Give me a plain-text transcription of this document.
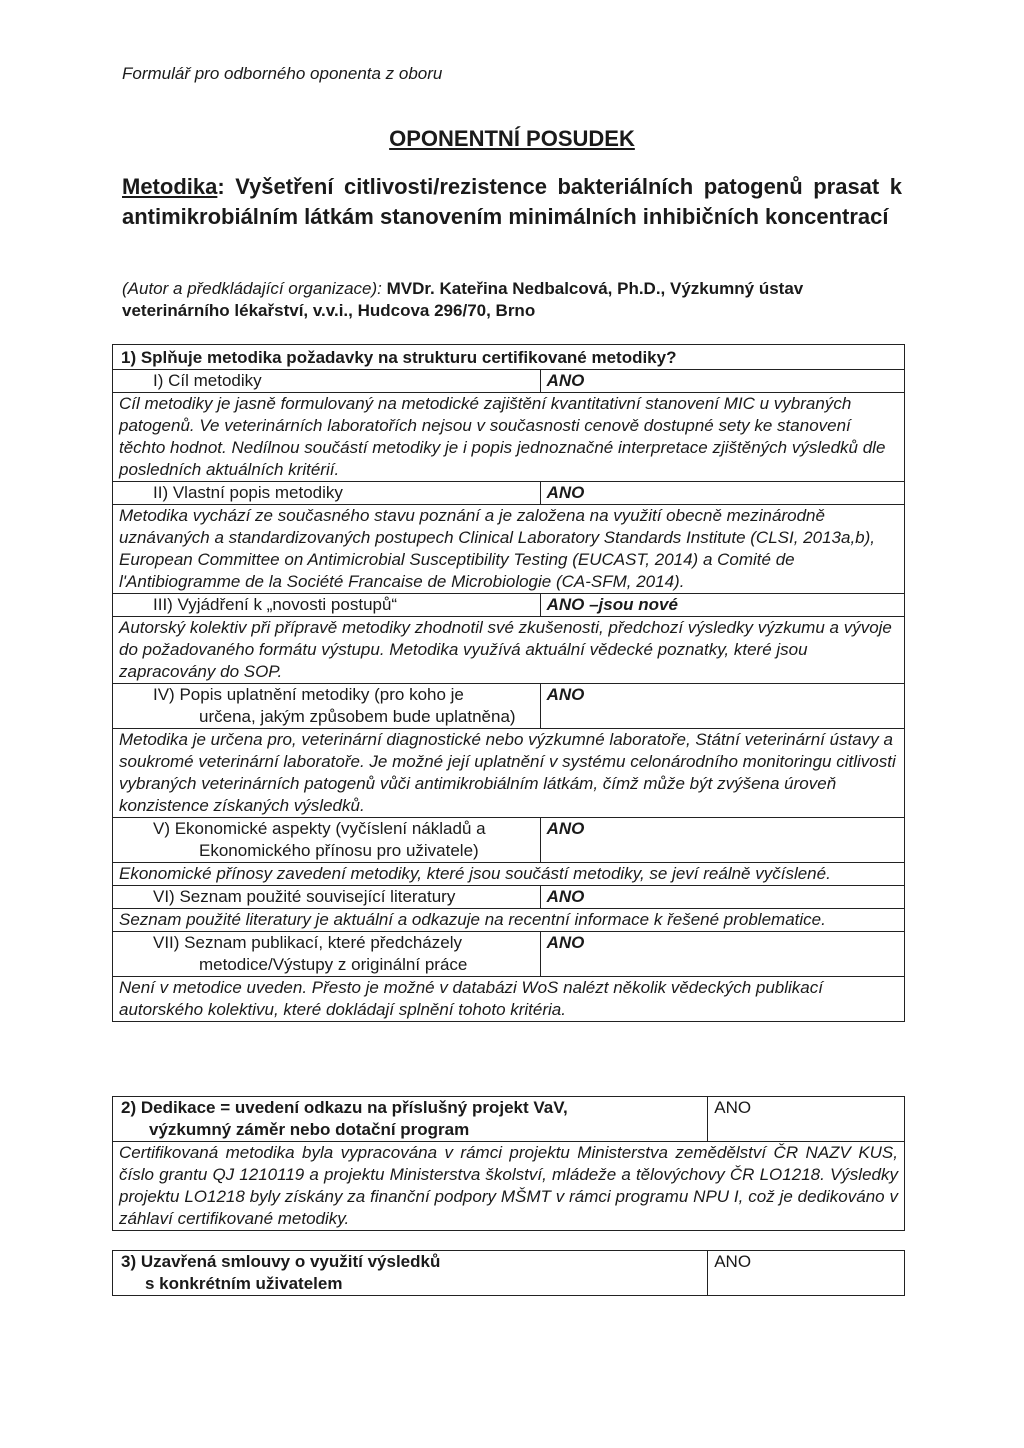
Formulář pro odborného oponenta z oboru
OPONENTNÍ POSUDEK
Metodika: Vyšetření citlivosti/rezistence bakteriálních patogenů prasat k antimikrobiálním látkám stanovením minimálních inhibičních koncentrací
(Autor a předkládající organizace): MVDr. Kateřina Nedbalcová, Ph.D., Výzkumný ústav veterinárního lékařství, v.v.i., Hudcova 296/70, Brno
1) Splňuje metodika požadavky na strukturu certifikované metodiky?	
I) Cíl metodiky	ANO
Cíl metodiky je jasně formulovaný na metodické zajištění kvantitativní stanovení MIC u vybraných patogenů. Ve veterinárních laboratořích nejsou v současnosti cenově dostupné sety ke stanovení těchto hodnot. Nedílnou součástí metodiky je i popis jednoznačné interpretace zjištěných výsledků dle posledních aktuálních kritérií.	
II) Vlastní popis metodiky	ANO
Metodika vychází ze současného stavu poznání a je založena na využití obecně mezinárodně uznávaných a standardizovaných postupech Clinical Laboratory Standards Institute (CLSI, 2013a,b), European Committee on Antimicrobial Susceptibility Testing (EUCAST, 2014) a Comité de l'Antibiogramme de la Société Francaise de Microbiologie (CA-SFM, 2014).	
III) Vyjádření k „novosti postupů“	ANO –jsou nové
Autorský kolektiv při přípravě metodiky zhodnotil své zkušenosti, předchozí výsledky výzkumu a vývoje do požadovaného formátu výstupu. Metodika využívá aktuální vědecké poznatky, které jsou zapracovány do SOP.	
IV) Popis uplatnění metodiky (pro koho je
určena, jakým způsobem bude uplatněna)	ANO
Metodika je určena pro, veterinární diagnostické nebo výzkumné laboratoře, Státní veterinární ústavy a soukromé veterinární laboratoře. Je možné její uplatnění v systému celonárodního monitoringu citlivosti vybraných veterinárních patogenů vůči antimikrobiálním látkám, čímž může být zvýšena úroveň konzistence získaných výsledků.	
V) Ekonomické aspekty (vyčíslení nákladů a
Ekonomického přínosu pro uživatele)	ANO
Ekonomické přínosy zavedení metodiky, které jsou součástí metodiky, se jeví reálně vyčíslené.	
VI) Seznam použité související literatury	ANO
Seznam použité literatury je aktuální a odkazuje na recentní informace k řešené problematice.	
VII) Seznam publikací, které předcházely
metodice/Výstupy z originální práce	ANO
Není v metodice uveden. Přesto je možné v databázi WoS nalézt několik vědeckých publikací autorského kolektivu, které dokládají splnění tohoto kritéria.	
2) Dedikace = uvedení odkazu na příslušný projekt VaV,
výzkumný záměr nebo dotační program	ANO
Certifikovaná metodika byla vypracována v rámci projektu Ministerstva zemědělství ČR NAZV KUS, číslo grantu QJ 1210119 a projektu Ministerstva školství, mládeže a tělovýchovy ČR LO1218. Výsledky projektu LO1218 byly získány za finanční podpory MŠMT v rámci programu NPU I, což je dedikováno v záhlaví certifikované metodiky.
3) Uzavřená smlouvy o využití výsledků
s konkrétním uživatelem	ANO
